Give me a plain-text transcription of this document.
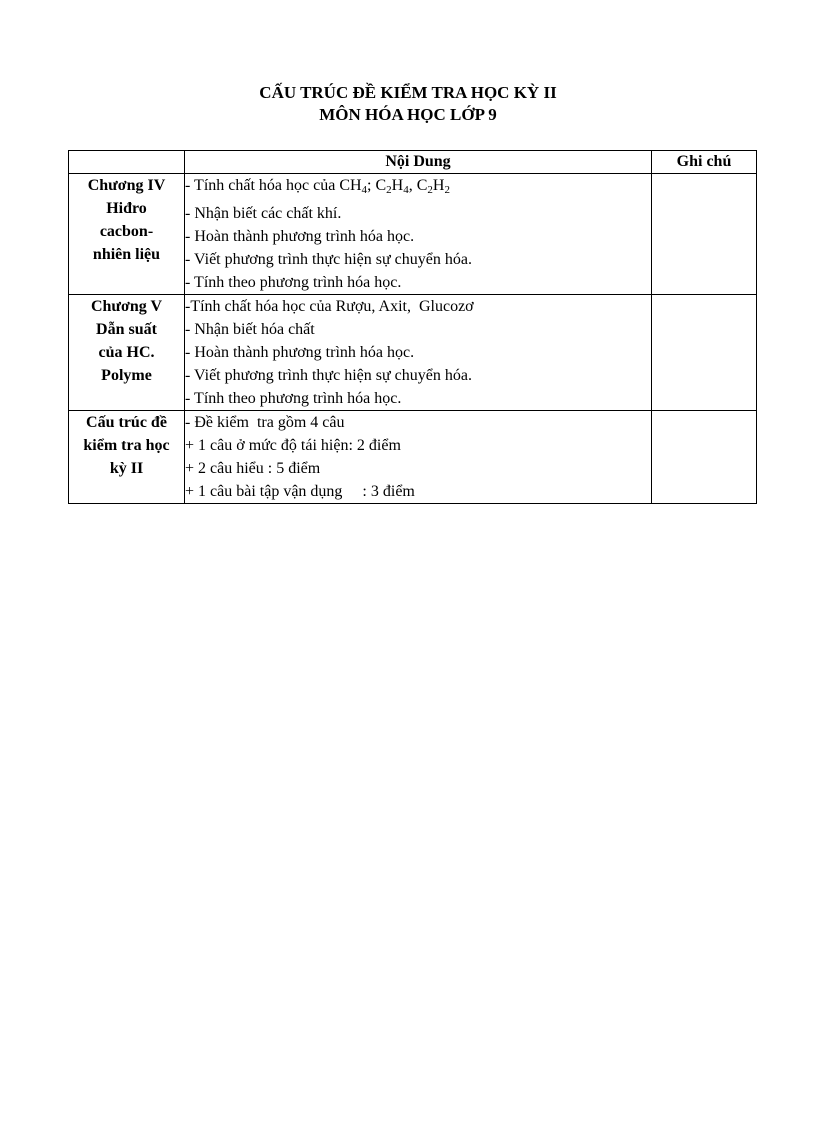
CẤU TRÚC ĐỀ KIỂM TRA HỌC KỲ II

MÔN HÓA HỌC LỚP 9

	Nội Dung	Ghi chú

Chương IV
Hiđro
cacbon-
nhiên liệu	- Tính chất hóa học của $CH_4$; $C_2H_4$, $C_2H_2$
- Nhận biết các chất khí.
- Hoàn thành phương trình hóa học.
- Viết phương trình thực hiện sự chuyển hóa.
- Tính theo phương trình hóa học.	

Chương V
Dẫn suất
của HC.
Polyme	-Tính chất hóa học của Rượu, Axit,  Glucozơ
- Nhận biết hóa chất
- Hoàn thành phương trình hóa học.
- Viết phương trình thực hiện sự chuyển hóa.
- Tính theo phương trình hóa học.	

Cấu trúc đề
kiểm tra học
kỳ II	- Đề kiểm  tra gồm 4 câu
+ 1 câu ở mức độ tái hiện: 2 điểm
+ 2 câu hiểu : 5 điểm
+ 1 câu bài tập vận dụng     : 3 điểm	
